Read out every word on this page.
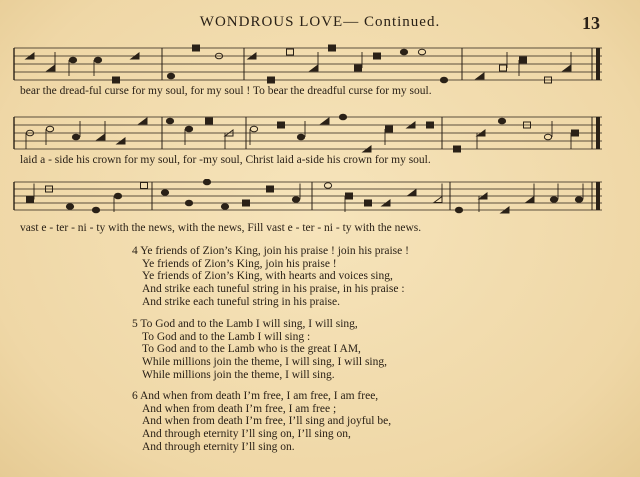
WONDROUS LOVE— Continued.	13
bear the dread-ful curse for my soul, for my soul ! To bear the dreadful curse for my soul.
laid a - side his crown for my soul, for -my soul, Christ laid a-side his crown for my soul.
vast e - ter - ni - ty with the news, with the news, Fill vast e - ter - ni - ty with the news.
4 Ye friends of Zion’s King, join his praise ! join his praise !
Ye friends of Zion’s King, join his praise !
Ye friends of Zion’s King, with hearts and voices sing,
And strike each tuneful string in his praise, in his praise :
And strike each tuneful string in his praise.
5 To God and to the Lamb I will sing, I will sing,
To God and to the Lamb I will sing :
To God and to the Lamb who is the great I AM,
While millions join the theme, I will sing, I will sing,
While millions join the theme, I will sing.
6 And when from death I’m free, I am free, I am free,
And when from death I’m free, I am free ;
And when from death I’m free, I’ll sing and joyful be,
And through eternity I’ll sing on, I’ll sing on,
And through eternity I’ll sing on.
